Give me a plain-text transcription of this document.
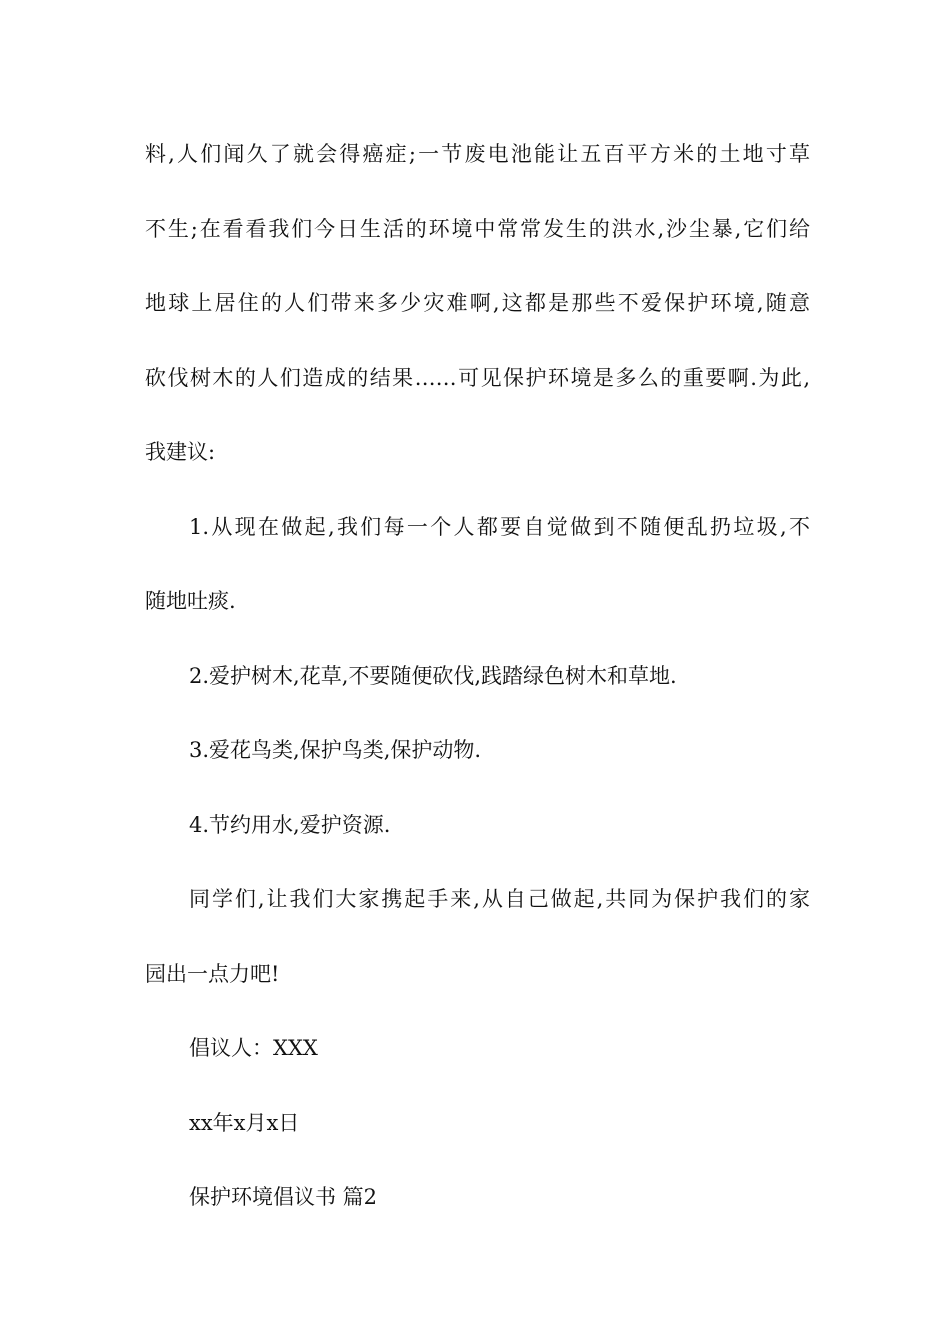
料,人们闻久了就会得癌症;一节废电池能让五百平方米的土地寸草
不生;在看看我们今日生活的环境中常常发生的洪水,沙尘暴,它们给
地球上居住的人们带来多少灾难啊,这都是那些不爱保护环境,随意
砍伐树木的人们造成的结果……可见保护环境是多么的重要啊.为此,
我建议:
1.从现在做起,我们每一个人都要自觉做到不随便乱扔垃圾,不
随地吐痰.
2.爱护树木,花草,不要随便砍伐,践踏绿色树木和草地.
3.爱花鸟类,保护鸟类,保护动物.
4.节约用水,爱护资源.
同学们,让我们大家携起手来,从自己做起,共同为保护我们的家
园出一点力吧!
倡议人：XXX
xx年x月x日
保护环境倡议书 篇2
